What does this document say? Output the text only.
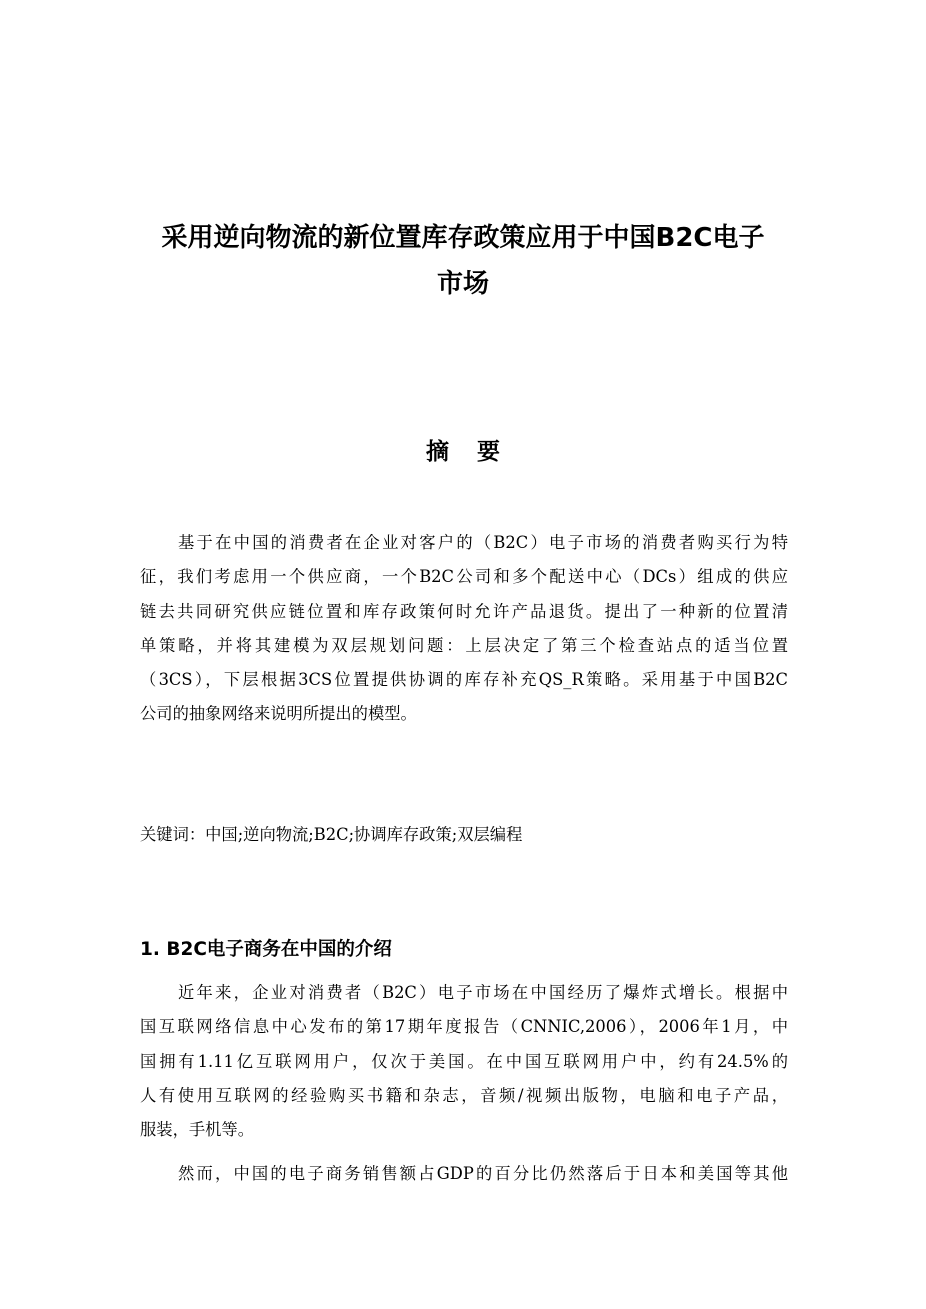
采用逆向物流的新位置库存政策应用于中国B2C电子
市场
摘要
基于在中国的消费者在企业对客户的（B2C）电子市场的消费者购买行为特
征，我们考虑用一个供应商，一个B2C公司和多个配送中心（DCs）组成的供应
链去共同研究供应链位置和库存政策何时允许产品退货。提出了一种新的位置清
单策略，并将其建模为双层规划问题：上层决定了第三个检查站点的适当位置
（3CS），下层根据3CS位置提供协调的库存补充QS_R策略。采用基于中国B2C
公司的抽象网络来说明所提出的模型。
关键词：中国;逆向物流;B2C;协调库存政策;双层编程
1. B2C电子商务在中国的介绍
近年来，企业对消费者（B2C）电子市场在中国经历了爆炸式增长。根据中
国互联网络信息中心发布的第17期年度报告（CNNIC,2006），2006年1月，中
国拥有1.11亿互联网用户，仅次于美国。在中国互联网用户中，约有24.5%的
人有使用互联网的经验购买书籍和杂志，音频/视频出版物，电脑和电子产品，
服装，手机等。
然而，中国的电子商务销售额占GDP的百分比仍然落后于日本和美国等其他
